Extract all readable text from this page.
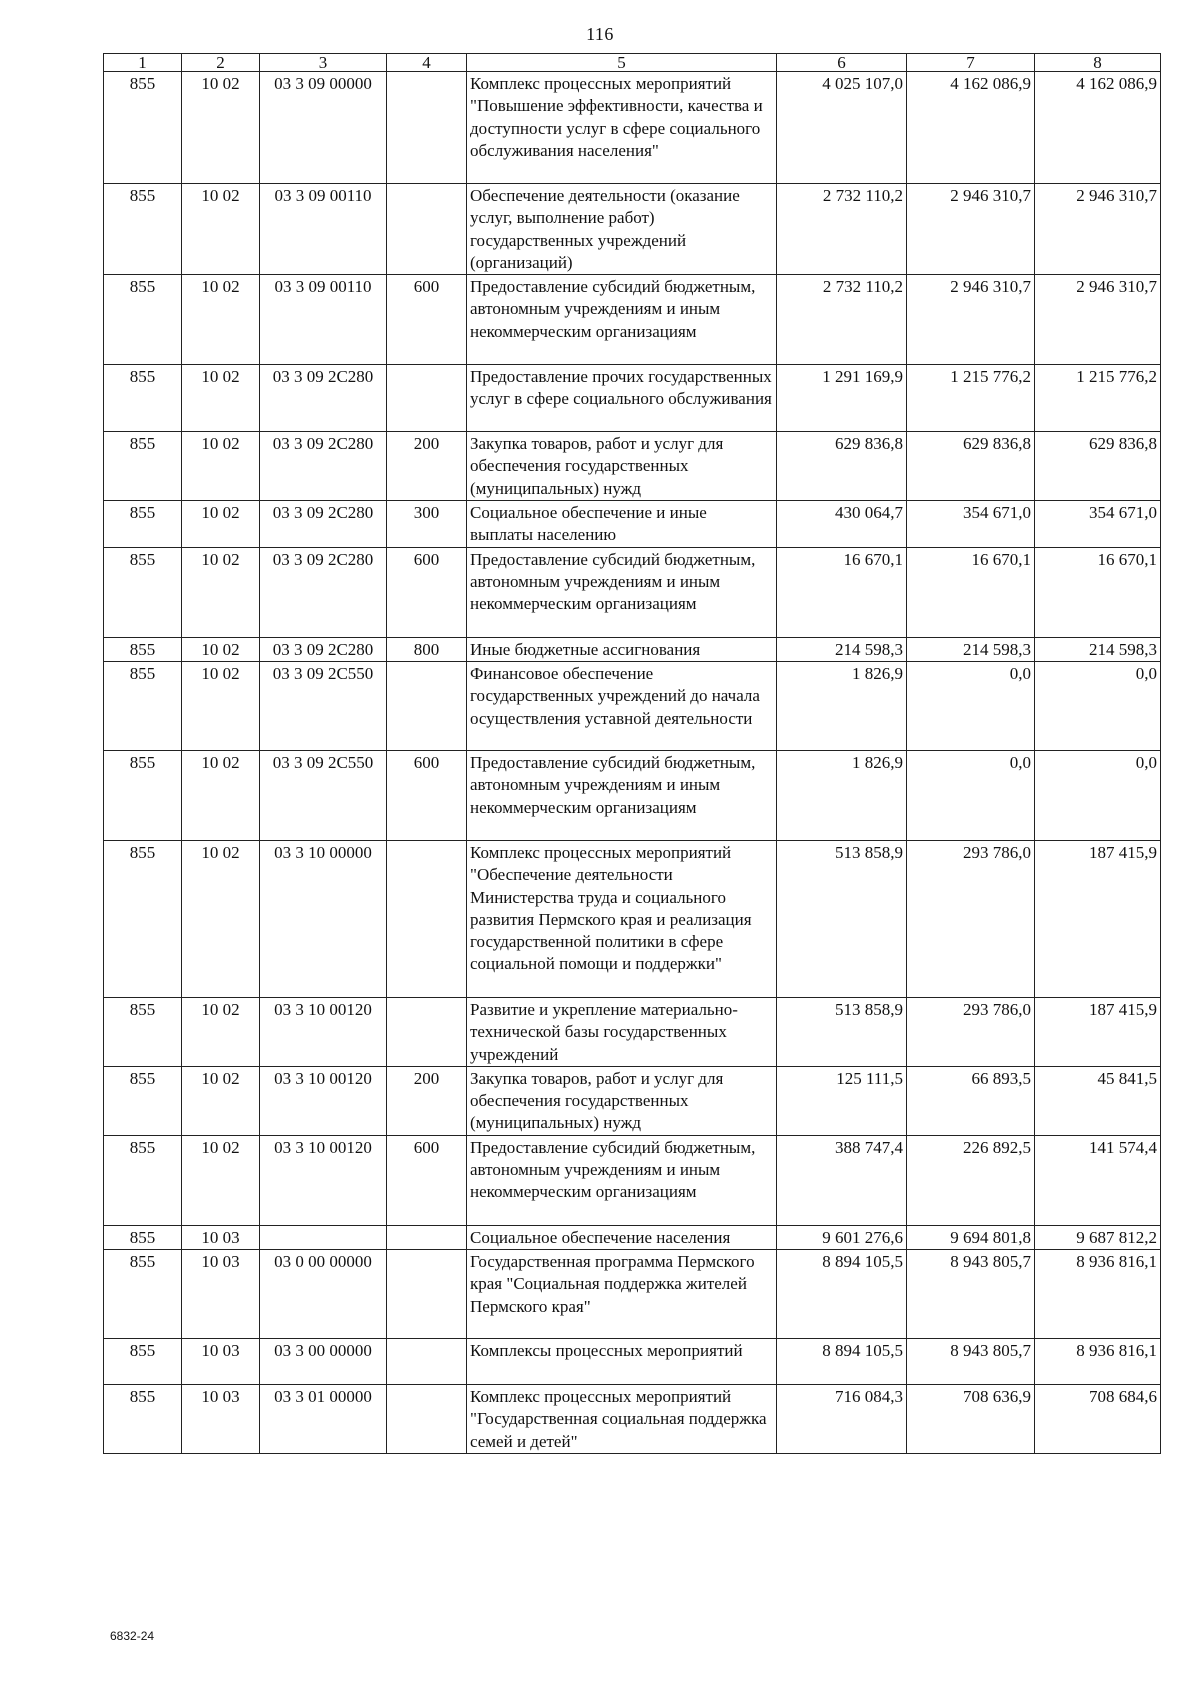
116
1	2	3	4	5	6	7	8
855	10 02	03 3 09 00000		Комплекс процессных мероприятий "Повышение эффективности, качества и доступности услуг в сфере социального обслуживания населения"	4 025 107,0	4 162 086,9	4 162 086,9
855	10 02	03 3 09 00110		Обеспечение деятельности (оказание услуг, выполнение работ) государственных учреждений (организаций)	2 732 110,2	2 946 310,7	2 946 310,7
855	10 02	03 3 09 00110	600	Предоставление субсидий бюджетным, автономным учреждениям и иным некоммерческим организациям	2 732 110,2	2 946 310,7	2 946 310,7
855	10 02	03 3 09 2С280		Предоставление прочих государственных услуг в сфере социального обслуживания	1 291 169,9	1 215 776,2	1 215 776,2
855	10 02	03 3 09 2С280	200	Закупка товаров, работ и услуг для обеспечения государственных (муниципальных) нужд	629 836,8	629 836,8	629 836,8
855	10 02	03 3 09 2С280	300	Социальное обеспечение и иные выплаты населению	430 064,7	354 671,0	354 671,0
855	10 02	03 3 09 2С280	600	Предоставление субсидий бюджетным, автономным учреждениям и иным некоммерческим организациям	16 670,1	16 670,1	16 670,1
855	10 02	03 3 09 2С280	800	Иные бюджетные ассигнования	214 598,3	214 598,3	214 598,3
855	10 02	03 3 09 2С550		Финансовое обеспечение государственных учреждений до начала осуществления уставной деятельности	1 826,9	0,0	0,0
855	10 02	03 3 09 2С550	600	Предоставление субсидий бюджетным, автономным учреждениям и иным некоммерческим организациям	1 826,9	0,0	0,0
855	10 02	03 3 10 00000		Комплекс процессных мероприятий "Обеспечение деятельности Министерства труда и социального развития Пермского края и реализация государственной политики в сфере социальной помощи и поддержки"	513 858,9	293 786,0	187 415,9
855	10 02	03 3 10 00120		Развитие и укрепление материально-технической базы государственных учреждений	513 858,9	293 786,0	187 415,9
855	10 02	03 3 10 00120	200	Закупка товаров, работ и услуг для обеспечения государственных (муниципальных) нужд	125 111,5	66 893,5	45 841,5
855	10 02	03 3 10 00120	600	Предоставление субсидий бюджетным, автономным учреждениям и иным некоммерческим организациям	388 747,4	226 892,5	141 574,4
855	10 03			Социальное обеспечение населения	9 601 276,6	9 694 801,8	9 687 812,2
855	10 03	03 0 00 00000		Государственная программа Пермского края "Социальная поддержка жителей Пермского края"	8 894 105,5	8 943 805,7	8 936 816,1
855	10 03	03 3 00 00000		Комплексы процессных мероприятий	8 894 105,5	8 943 805,7	8 936 816,1
855	10 03	03 3 01 00000		Комплекс процессных мероприятий "Государственная социальная поддержка семей и детей"	716 084,3	708 636,9	708 684,6
6832-24
